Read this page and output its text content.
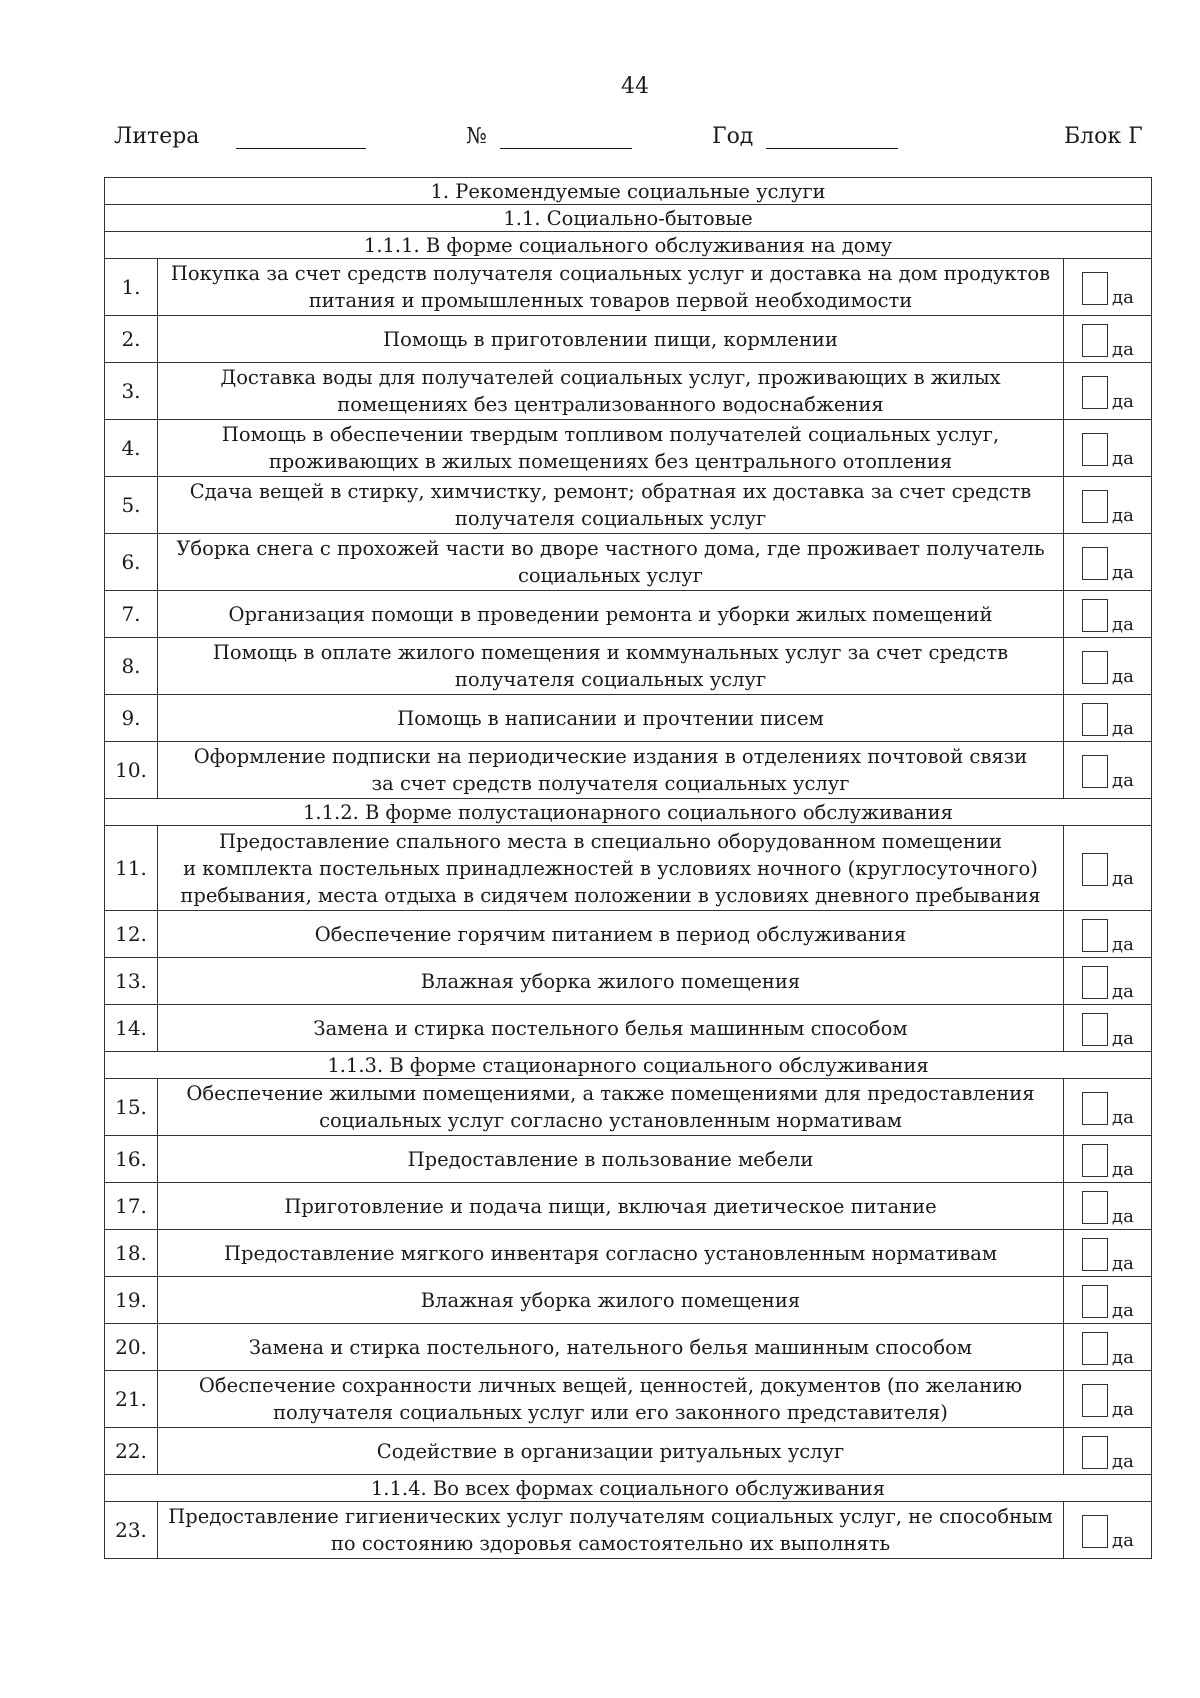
44
Литера	№	Год	Блок Г
1. Рекомендуемые социальные услуги		
1.1. Социально-бытовые		
1.1.1. В форме социального обслуживания на дому		
1.	Покупка за счет средств получателя социальных услуг и доставка на дом продуктов
питания и промышленных товаров первой необходимости	да
2.	Помощь в приготовлении пищи, кормлении	да
3.	Доставка воды для получателей социальных услуг, проживающих в жилых
помещениях без централизованного водоснабжения	да
4.	Помощь в обеспечении твердым топливом получателей социальных услуг,
проживающих в жилых помещениях без центрального отопления	да
5.	Сдача вещей в стирку, химчистку, ремонт; обратная их доставка за счет средств
получателя социальных услуг	да
6.	Уборка снега с прохожей части во дворе частного дома, где проживает получатель
социальных услуг	да
7.	Организация помощи в проведении ремонта и уборки жилых помещений	да
8.	Помощь в оплате жилого помещения и коммунальных услуг за счет средств
получателя социальных услуг	да
9.	Помощь в написании и прочтении писем	да
10.	Оформление подписки на периодические издания в отделениях почтовой связи
за счет средств получателя социальных услуг	да
1.1.2. В форме полустационарного социального обслуживания		
11.	Предоставление спального места в специально оборудованном помещении
и комплекта постельных принадлежностей в условиях ночного (круглосуточного)
пребывания, места отдыха в сидячем положении в условиях дневного пребывания	да
12.	Обеспечение горячим питанием в период обслуживания	да
13.	Влажная уборка жилого помещения	да
14.	Замена и стирка постельного белья машинным способом	да
1.1.3. В форме стационарного социального обслуживания		
15.	Обеспечение жилыми помещениями, а также помещениями для предоставления
социальных услуг согласно установленным нормативам	да
16.	Предоставление в пользование мебели	да
17.	Приготовление и подача пищи, включая диетическое питание	да
18.	Предоставление мягкого инвентаря согласно установленным нормативам	да
19.	Влажная уборка жилого помещения	да
20.	Замена и стирка постельного, нательного белья машинным способом	да
21.	Обеспечение сохранности личных вещей, ценностей, документов (по желанию
получателя социальных услуг или его законного представителя)	да
22.	Содействие в организации ритуальных услуг	да
1.1.4. Во всех формах социального обслуживания		
23.	Предоставление гигиенических услуг получателям социальных услуг, не способным
по состоянию здоровья самостоятельно их выполнять	да
